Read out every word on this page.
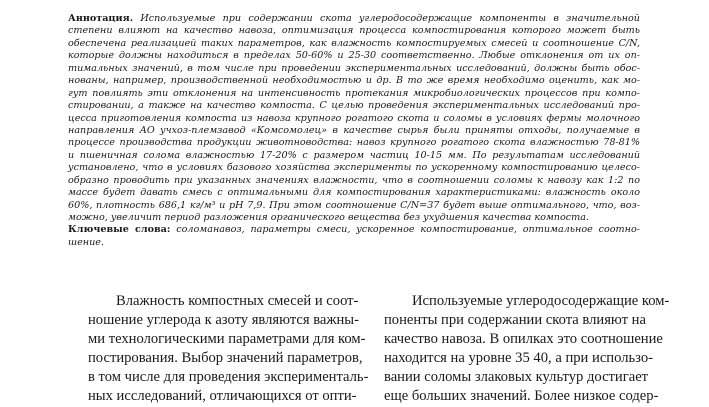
Аннотация. Используемые при содержании скота углеродосодержащие компоненты в значительной
степени влияют на качество навоза, оптимизация процесса компостирования которого может быть
обеспечена реализацией таких параметров, как влажность компостируемых смесей и соотношение C/N,
которые должны находиться в пределах 50-60% и 25-30 соответственно. Любые отклонения от их оп-
тимальных значений, в том числе при проведении экспериментальных исследований, должны быть обос-
нованы, например, производственной необходимостью и др. В то же время необходимо оценить, как мо-
гут повлиять эти отклонения на интенсивность протекания микробиологических процессов при компо-
стировании, а также на качество компоста. С целью проведения экспериментальных исследований про-
цесса приготовления компоста из навоза крупного рогатого скота и соломы в условиях фермы молочного
направления АО учхоз-племзавод «Комсомолец» в качестве сырья были приняты отходы, получаемые в
процессе производства продукции животноводства: навоз крупного рогатого скота влажностью 78-81%
и пшеничная солома влажностью 17-20% с размером частиц 10-15 мм. По результатам исследований
установлено, что в условиях базового хозяйства эксперименты по ускоренному компостированию целесо-
образно проводить при указанных значениях влажности, что в соотношении соломы к навозу как 1:2 по
массе будет давать смесь с оптимальными для компостирования характеристиками: влажность около
60%, плотность 686,1 кг/м³ и pH 7,9. При этом соотношение C/N=37 будет выше оптимального, что, воз-
можно, увеличит период разложения органического вещества без ухудшения качества компоста.
Ключевые слова: соломанавоз, параметры смеси, ускоренное компостирование, оптимальное соотно-
шение.
Влажность компостных смесей и соот-
ношение углерода к азоту являются важны-
ми технологическими параметрами для ком-
постирования. Выбор значений параметров,
в том числе для проведения эксперименталь-
ных исследований, отличающихся от опти-
Используемые углеродосодержащие ком-
поненты при содержании скота влияют на
качество навоза. В опилках это соотношение
находится на уровне 35 40, а при использо-
вании соломы злаковых культур достигает
еще больших значений. Более низкое содер-
